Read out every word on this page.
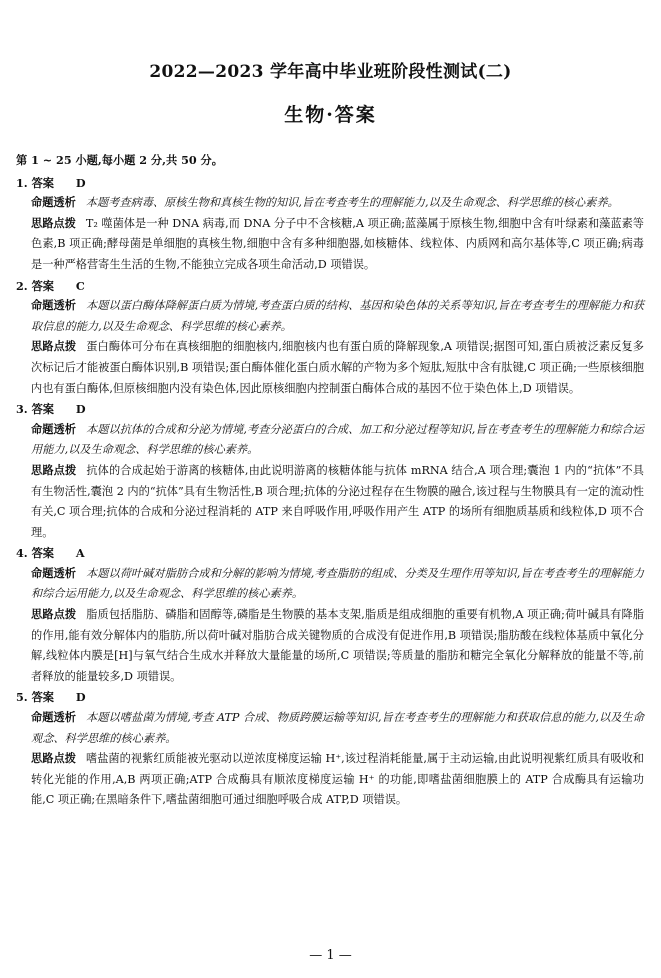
2022—2023 学年高中毕业班阶段性测试(二)
生物·答案

第 1 ~ 25 小题,每小题 2 分,共 50 分。

1. 答案 D

命题透析 本题考查病毒、原核生物和真核生物的知识,旨在考查考生的理解能力,以及生命观念、科学思维的核心素养。

思路点拨 T₂ 噬菌体是一种 DNA 病毒,而 DNA 分子中不含核糖,A 项正确;蓝藻属于原核生物,细胞中含有叶绿素和藻蓝素等色素,B 项正确;酵母菌是单细胞的真核生物,细胞中含有多种细胞器,如核糖体、线粒体、内质网和高尔基体等,C 项正确;病毒是一种严格营寄生生活的生物,不能独立完成各项生命活动,D 项错误。

2. 答案 C

命题透析 本题以蛋白酶体降解蛋白质为情境,考查蛋白质的结构、基因和染色体的关系等知识,旨在考查考生的理解能力和获取信息的能力,以及生命观念、科学思维的核心素养。

思路点拨 蛋白酶体可分布在真核细胞的细胞核内,细胞核内也有蛋白质的降解现象,A 项错误;据图可知,蛋白质被泛素反复多次标记后才能被蛋白酶体识别,B 项错误;蛋白酶体催化蛋白质水解的产物为多个短肽,短肽中含有肽键,C 项正确;一些原核细胞内也有蛋白酶体,但原核细胞内没有染色体,因此原核细胞内控制蛋白酶体合成的基因不位于染色体上,D 项错误。

3. 答案 D

命题透析 本题以抗体的合成和分泌为情境,考查分泌蛋白的合成、加工和分泌过程等知识,旨在考查考生的理解能力和综合运用能力,以及生命观念、科学思维的核心素养。

思路点拨 抗体的合成起始于游离的核糖体,由此说明游离的核糖体能与抗体 mRNA 结合,A 项合理;囊泡 1 内的“抗体”不具有生物活性,囊泡 2 内的“抗体”具有生物活性,B 项合理;抗体的分泌过程存在生物膜的融合,该过程与生物膜具有一定的流动性有关,C 项合理;抗体的合成和分泌过程消耗的 ATP 来自呼吸作用,呼吸作用产生 ATP 的场所有细胞质基质和线粒体,D 项不合理。

4. 答案 A

命题透析 本题以荷叶碱对脂肪合成和分解的影响为情境,考查脂肪的组成、分类及生理作用等知识,旨在考查考生的理解能力和综合运用能力,以及生命观念、科学思维的核心素养。

思路点拨 脂质包括脂肪、磷脂和固醇等,磷脂是生物膜的基本支架,脂质是组成细胞的重要有机物,A 项正确;荷叶碱具有降脂的作用,能有效分解体内的脂肪,所以荷叶碱对脂肪合成关键物质的合成没有促进作用,B 项错误;脂肪酸在线粒体基质中氧化分解,线粒体内膜是[H]与氧气结合生成水并释放大量能量的场所,C 项错误;等质量的脂肪和糖完全氧化分解释放的能量不等,前者释放的能量较多,D 项错误。

5. 答案 D

命题透析 本题以嗜盐菌为情境,考查 ATP 合成、物质跨膜运输等知识,旨在考查考生的理解能力和获取信息的能力,以及生命观念、科学思维的核心素养。

思路点拨 嗜盐菌的视紫红质能被光驱动以逆浓度梯度运输 H⁺,该过程消耗能量,属于主动运输,由此说明视紫红质具有吸收和转化光能的作用,A,B 两项正确;ATP 合成酶具有顺浓度梯度运输 H⁺ 的功能,即嗜盐菌细胞膜上的 ATP 合成酶具有运输功能,C 项正确;在黑暗条件下,嗜盐菌细胞可通过细胞呼吸合成 ATP,D 项错误。

— 1 —
